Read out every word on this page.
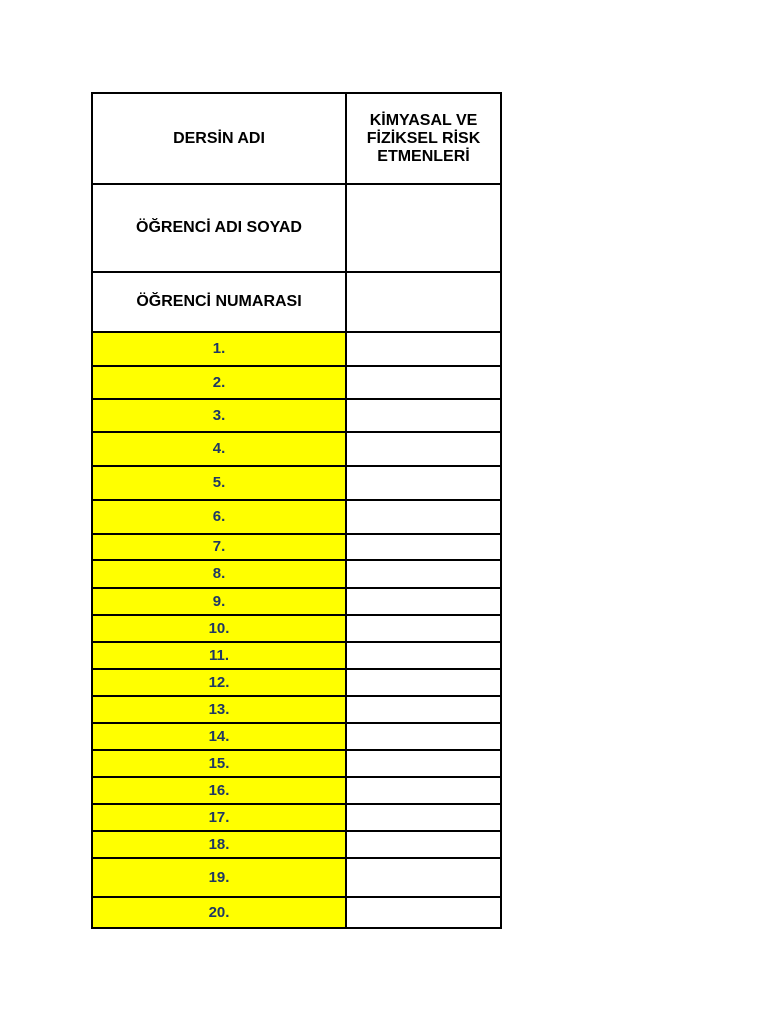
DERSİN ADI	KİMYASAL VE FİZİKSEL RİSK ETMENLERİ
ÖĞRENCİ ADI SOYAD	
ÖĞRENCİ NUMARASI	
1.	
2.	
3.	
4.	
5.	
6.	
7.	
8.	
9.	
10.	
11.	
12.	
13.	
14.	
15.	
16.	
17.	
18.	
19.	
20.	
